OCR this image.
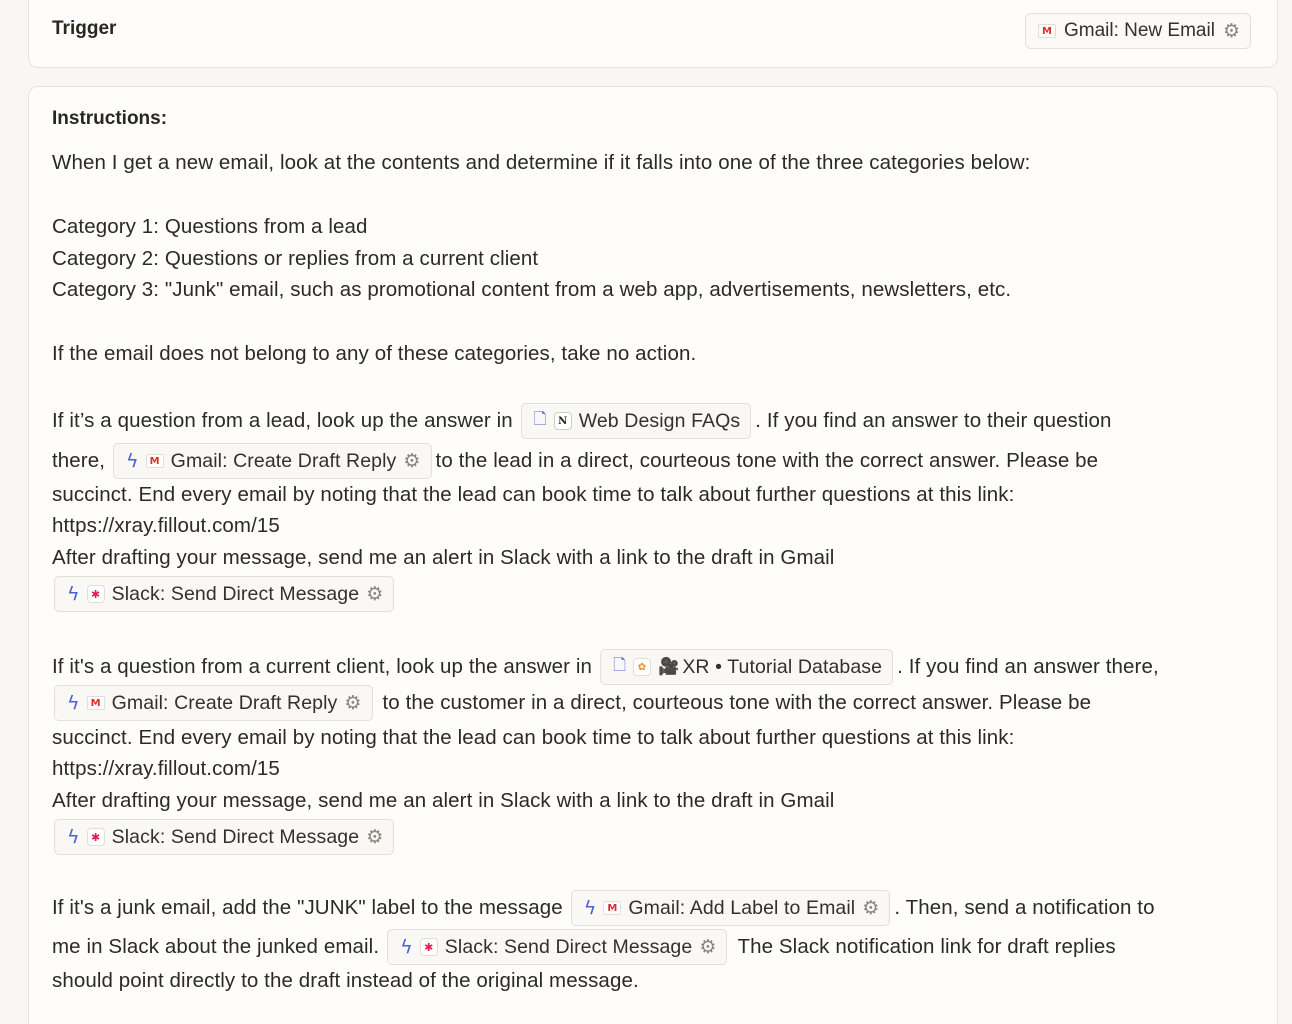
Trigger	M Gmail: New Email ⚙
Instructions:
When I get a new email, look at the contents and determine if it falls into one of the three categories below:
Category 1: Questions from a lead
Category 2: Questions or replies from a current client
Category 3: "Junk" email, such as promotional content from a web app, advertisements, newsletters, etc.
If the email does not belong to any of these categories, take no action.
If it’s a question from a lead, look up the answer in 🗋	N Web Design FAQs . If you find an answer to their question
there, ϟ	M Gmail: Create Draft Reply ⚙ to the lead in a direct, courteous tone with the correct answer. Please be
succinct. End every email by noting that the lead can book time to talk about further questions at this link:
https://xray.fillout.com/15
After drafting your message, send me an alert in Slack with a link to the draft in Gmail
ϟ	✱ Slack: Send Direct Message ⚙
If it's a question from a current client, look up the answer in 🗋	✿ 🎥 XR • Tutorial Database . If you find an answer there,
ϟ	M Gmail: Create Draft Reply ⚙ to the customer in a direct, courteous tone with the correct answer. Please be
succinct. End every email by noting that the lead can book time to talk about further questions at this link:
https://xray.fillout.com/15
After drafting your message, send me an alert in Slack with a link to the draft in Gmail
ϟ	✱ Slack: Send Direct Message ⚙
If it's a junk email, add the "JUNK" label to the message ϟ	M Gmail: Add Label to Email ⚙ . Then, send a notification to
me in Slack about the junked email. ϟ	✱ Slack: Send Direct Message ⚙ The Slack notification link for draft replies
should point directly to the draft instead of the original message.
